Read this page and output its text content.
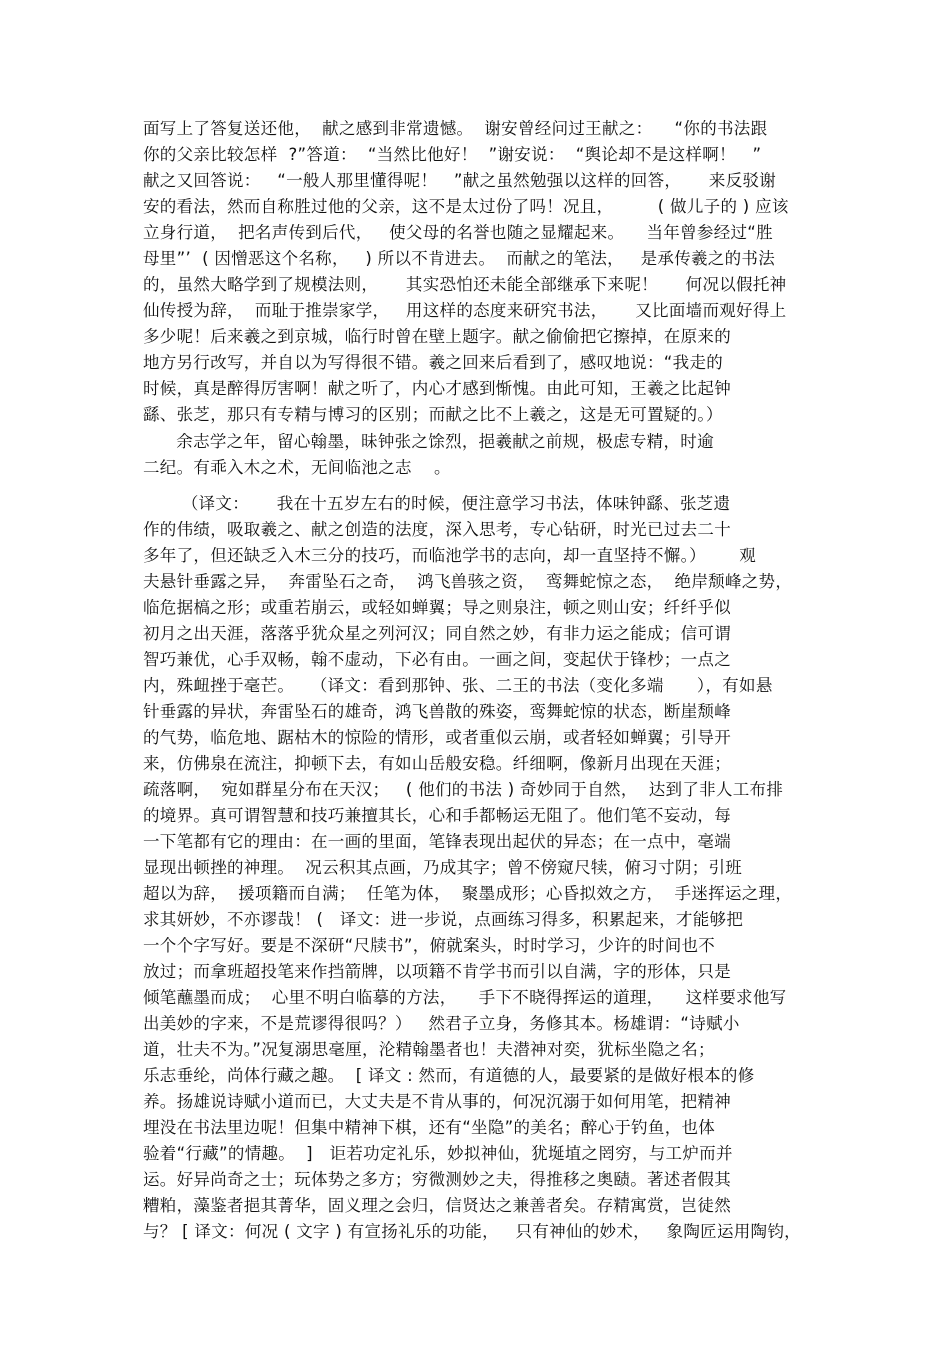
面写上了答复送还他，  献之感到非常遗憾。  谢安曾经问过王献之：    “你的书法跟
你的父亲比较怎样  ?”答道：  “当然比他好！  ”谢安说：  “舆论却不是这样啊！   ”
献之又回答说：   “一般人那里懂得呢！   ”献之虽然勉强以这样的回答，     来反驳谢
安的看法，然而自称胜过他的父亲，这不是太过份了吗！况且，        ( 做儿子的 ) 应该
立身行道，  把名声传到后代，   使父母的名誉也随之显耀起来。    当年曾参经过“胜
母里”’  ( 因憎恶这个名称，   ) 所以不肯进去。  而献之的笔法，   是承传羲之的书法
的，虽然大略学到了规模法则，     其实恐怕还未能全部继承下来呢！     何况以假托神
仙传授为辞，  而耻于推崇家学，   用这样的态度来研究书法，     又比面墙而观好得上
多少呢！后来羲之到京城，临行时曾在壁上题字。献之偷偷把它擦掉，在原来的
地方另行改写，并自以为写得很不错。羲之回来后看到了，感叹地说：“我走的
时候，真是醉得厉害啊！献之听了，内心才感到惭愧。由此可知，王羲之比起钟
繇、张芝，那只有专精与博习的区别；而献之比不上羲之，这是无可置疑的。）
余志学之年，留心翰墨，昧钟张之馀烈，挹羲献之前规，极虑专精，时逾
二纪。有乖入木之术，无间临池之志    。
（译文：     我在十五岁左右的时候，便注意学习书法，体味钟繇、张芝遗
作的伟绩，吸取羲之、献之创造的法度，深入思考，专心钻研，时光已过去二十
多年了，但还缺乏入木三分的技巧，而临池学书的志向，却一直坚持不懈。）      观
夫悬针垂露之异，  奔雷坠石之奇，  鸿飞兽骇之资，  鸾舞蛇惊之态，  绝岸颓峰之势，
临危据槁之形；或重若崩云，或轻如蝉翼；导之则泉注，顿之则山安；纤纤乎似
初月之出天涯，落落乎犹众星之列河汉；同自然之妙，有非力运之能成；信可谓
智巧兼优，心手双畅，翰不虚动，下必有由。一画之间，变起伏于锋杪；一点之
内，殊衄挫于毫芒。   （译文：看到那钟、张、二王的书法（变化多端      ），有如悬
针垂露的异状，奔雷坠石的雄奇，鸿飞兽散的殊姿，鸾舞蛇惊的状态，断崖颓峰
的气势，临危地、踞枯木的惊险的情形，或者重似云崩，或者轻如蝉翼；引导开
来，仿佛泉在流注，抑顿下去，有如山岳般安稳。纤细啊，像新月出现在天涯；
疏落啊，  宛如群星分布在天汉；   ( 他们的书法 ) 奇妙同于自然，  达到了非人工布排
的境界。真可谓智慧和技巧兼擅其长，心和手都畅运无阻了。他们笔不妄动，每
一下笔都有它的理由：在一画的里面，笔锋表现出起伏的异态；在一点中，毫端
显现出顿挫的神理。  况云积其点画，乃成其字；曾不傍窥尺犊，俯习寸阴；引班
超以为辞，  援项籍而自满；  任笔为体，  聚墨成形；心昏拟效之方，  手迷挥运之理，
求其妍妙，不亦谬哉！ (   译文：进一步说，点画练习得多，积累起来，才能够把
一个个字写好。要是不深研“尺牍书”，俯就案头，时时学习，少许的时间也不
放过；而拿班超投笔来作挡箭牌，以项籍不肯学书而引以自满，字的形体，只是
倾笔蘸墨而成；  心里不明白临摹的方法，    手下不晓得挥运的道理，    这样要求他写
出美妙的字来，不是荒谬得很吗？）   然君子立身，务修其本。杨雄谓：“诗赋小
道，壮夫不为。”况复溺思毫厘，沦精翰墨者也！夫潜神对奕，犹标坐隐之名；
乐志垂纶，尚体行藏之趣。  [ 译文 : 然而，有道德的人，最要紧的是做好根本的修
养。扬雄说诗赋小道而已，大丈夫是不肯从事的，何况沉溺于如何用笔，把精神
埋没在书法里边呢！但集中精神下棋，还有“坐隐”的美名；醉心于钓鱼，也体
验着“行藏”的情趣。  ]   讵若功定礼乐，妙拟神仙，犹埏埴之罔穷，与工炉而并
运。好异尚奇之士；玩体势之多方；穷微测妙之夫，得推移之奥赜。著述者假其
糟粕，藻鉴者挹其菁华，固义理之会归，信贤达之兼善者矣。存精寓赏，岂徒然
与？ [ 译文：何况 ( 文字 ) 有宣扬礼乐的功能，   只有神仙的妙术，   象陶匠运用陶钧，
